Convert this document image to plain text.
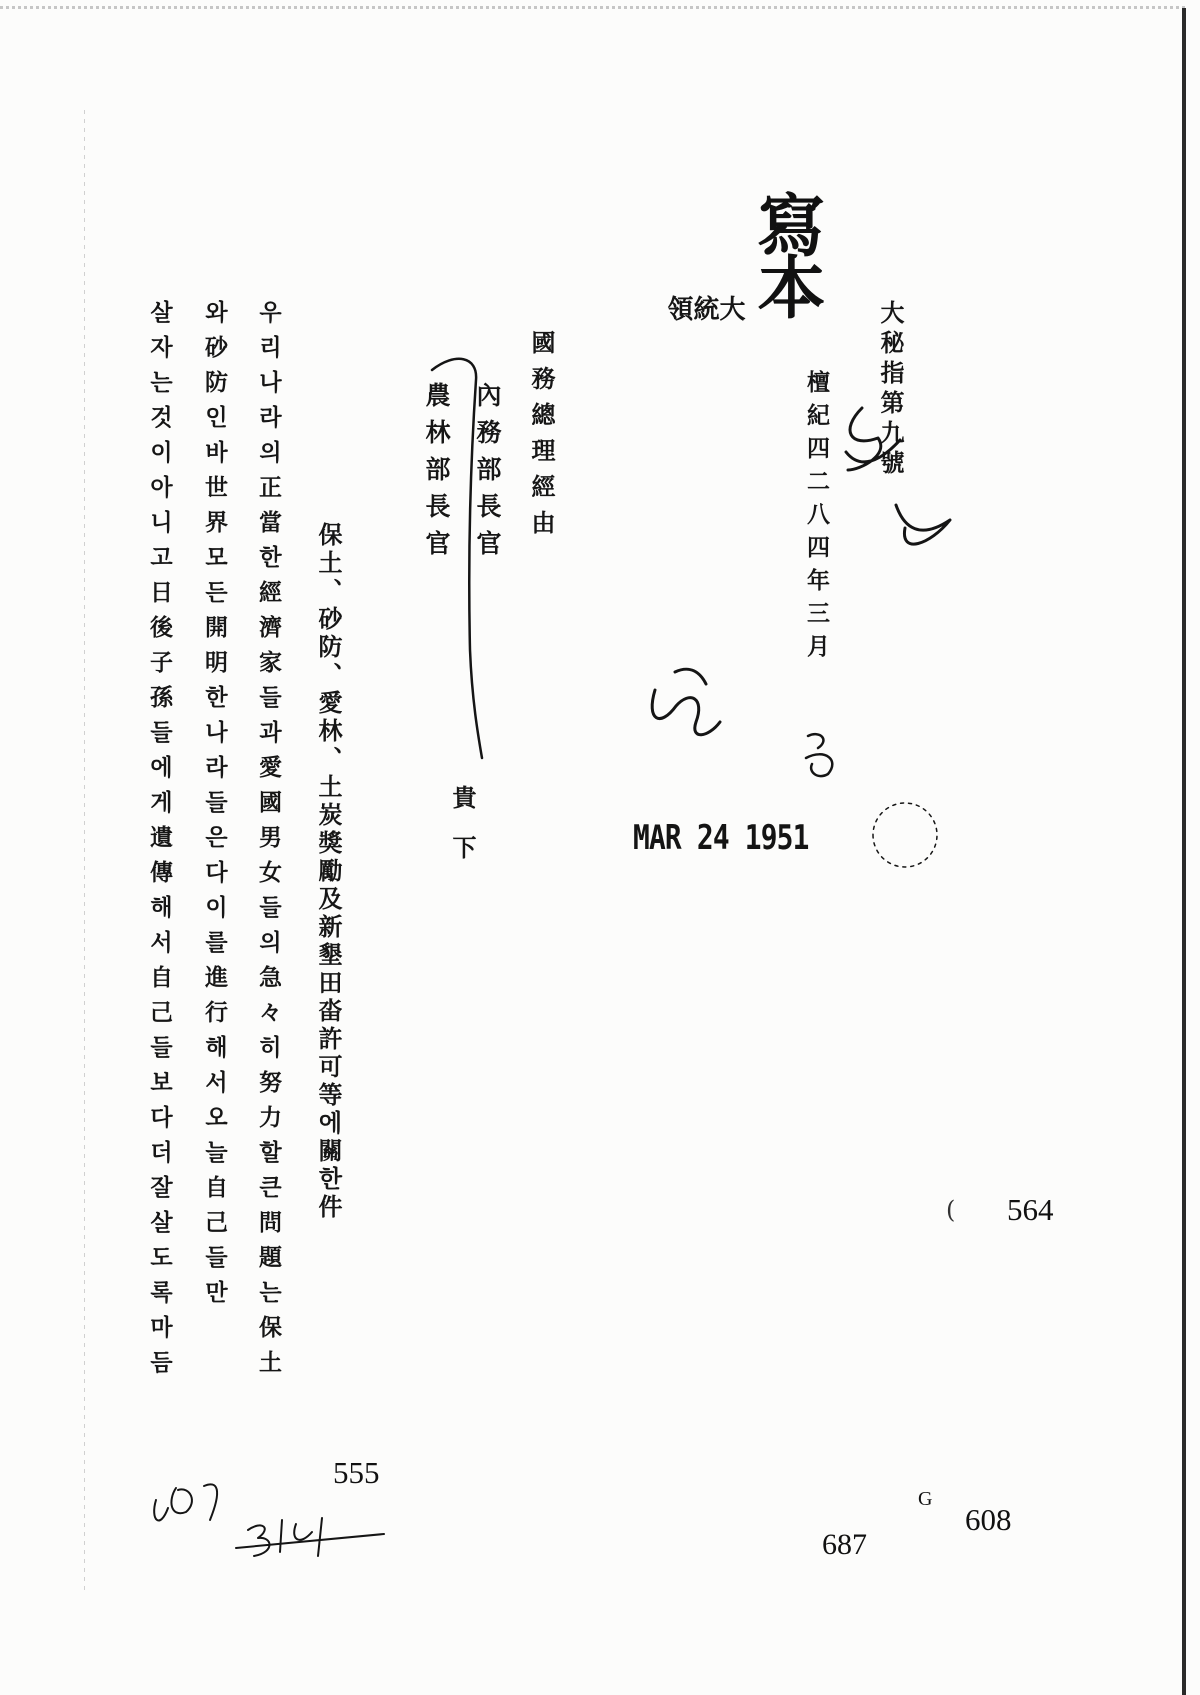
寫本
大秘指第九號
檀紀四二八四年三月
大
統
領
國務總理經由
內務部長官
農林部長官
貴下
保土、砂防、愛林、土炭獎勵及新墾田畓許可等에關한件
우리나라의正當한經濟家들과愛國男女들의急々히努力할큰問題는保土
와砂防인바世界모든開明한나라들은다이를進行해서오늘自己들만
살자는것이아니고日後子孫들에게遺傳해서自己들보다더잘살도록마듬	MAR 24 1951
( 564
555
687
G
608
